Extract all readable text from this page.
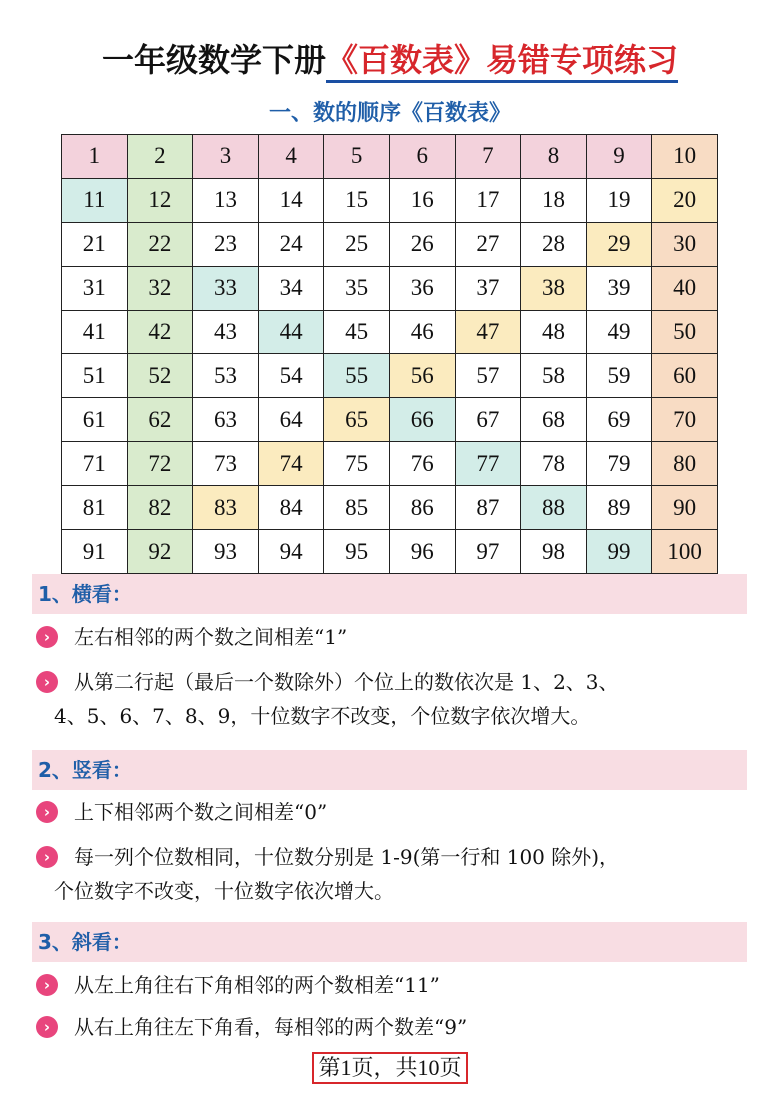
一年级数学下册《百数表》易错专项练习
一、数的顺序《百数表》
1	2	3	4	5	6	7	8	9	10
11	12	13	14	15	16	17	18	19	20
21	22	23	24	25	26	27	28	29	30
31	32	33	34	35	36	37	38	39	40
41	42	43	44	45	46	47	48	49	50
51	52	53	54	55	56	57	58	59	60
61	62	63	64	65	66	67	68	69	70
71	72	73	74	75	76	77	78	79	80
81	82	83	84	85	86	87	88	89	90
91	92	93	94	95	96	97	98	99	100
1、横看：
›	左右相邻的两个数之间相差“1”
›	从第二行起（最后一个数除外）个位上的数依次是 1、2、3、
4、5、6、7、8、9，十位数字不改变，个位数字依次增大。
2、竖看：
›	上下相邻两个数之间相差“0”
›	每一列个位数相同，十位数分别是 1-9(第一行和 100 除外)，
个位数字不改变，十位数字依次增大。
3、斜看：
›	从左上角往右下角相邻的两个数相差“11”
›	从右上角往左下角看，每相邻的两个数差“9”
第1页，共10页
